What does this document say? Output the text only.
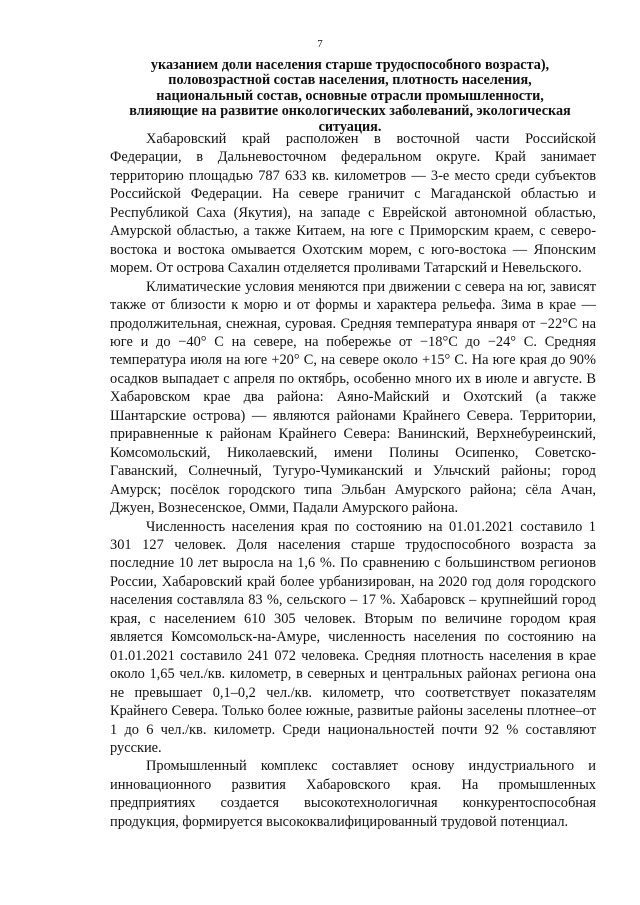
7
указанием доли населения старше трудоспособного возраста),
половозрастной состав населения, плотность населения,
национальный состав, основные отрасли промышленности,
влияющие на развитие онкологических заболеваний, экологическая
ситуация.

Хабаровский край расположен в восточной части Российской Федерации, в Дальневосточном федеральном округе. Край занимает территорию площадью 787 633 кв. километров — 3-е место среди субъектов Российской Федерации. На севере граничит с Магаданской областью и Республикой Саха (Якутия), на западе с Еврейской автономной областью, Амурской областью, а также Китаем, на юге с Приморским краем, с северо-востока и востока омывается Охотским морем, с юго-востока — Японским морем. От острова Сахалин отделяется проливами Татарский и Невельского.

Климатические условия меняются при движении с севера на юг, зависят также от близости к морю и от формы и характера рельефа. Зима в крае — продолжительная, снежная, суровая. Средняя температура января от −22°C на юге и до −40° C на севере, на побережье от −18°C до −24° C. Средняя температура июля на юге +20° C, на севере около +15° C. На юге края до 90% осадков выпадает с апреля по октябрь, особенно много их в июле и августе. В Хабаровском крае два района: Аяно-Майский и Охотский (а также Шантарские острова) — являются районами Крайнего Севера. Территории, приравненные к районам Крайнего Севера: Ванинский, Верхнебуреинский, Комсомольский, Николаевский, имени Полины Осипенко, Советско-Гаванский, Солнечный, Тугуро-Чумиканский и Ульчский районы; город Амурск; посёлок городского типа Эльбан Амурского района; сёла Ачан, Джуен, Вознесенское, Омми, Падали Амурского района.

Численность населения края по состоянию на 01.01.2021 составило 1 301 127 человек. Доля населения старше трудоспособного возраста за последние 10 лет выросла на 1,6 %. По сравнению с большинством регионов России, Хабаровский край более урбанизирован, на 2020 год доля городского населения составляла 83 %, сельского – 17 %. Хабаровск – крупнейший город края, с населением 610 305 человек. Вторым по величине городом края является Комсомольск-на-Амуре, численность населения по состоянию на 01.01.2021 составило 241 072 человека. Средняя плотность населения в крае около 1,65 чел./кв. километр, в северных и центральных районах региона она не превышает 0,1–0,2 чел./кв. километр, что соответствует показателям Крайнего Севера. Только более южные, развитые районы заселены плотнее–от 1 до 6 чел./кв. километр. Среди национальностей почти 92 % составляют русские.

Промышленный комплекс составляет основу индустриального и инновационного развития Хабаровского края. На промышленных предприятиях создается высокотехнологичная конкурентоспособная продукция, формируется высококвалифицированный трудовой потенциал.
